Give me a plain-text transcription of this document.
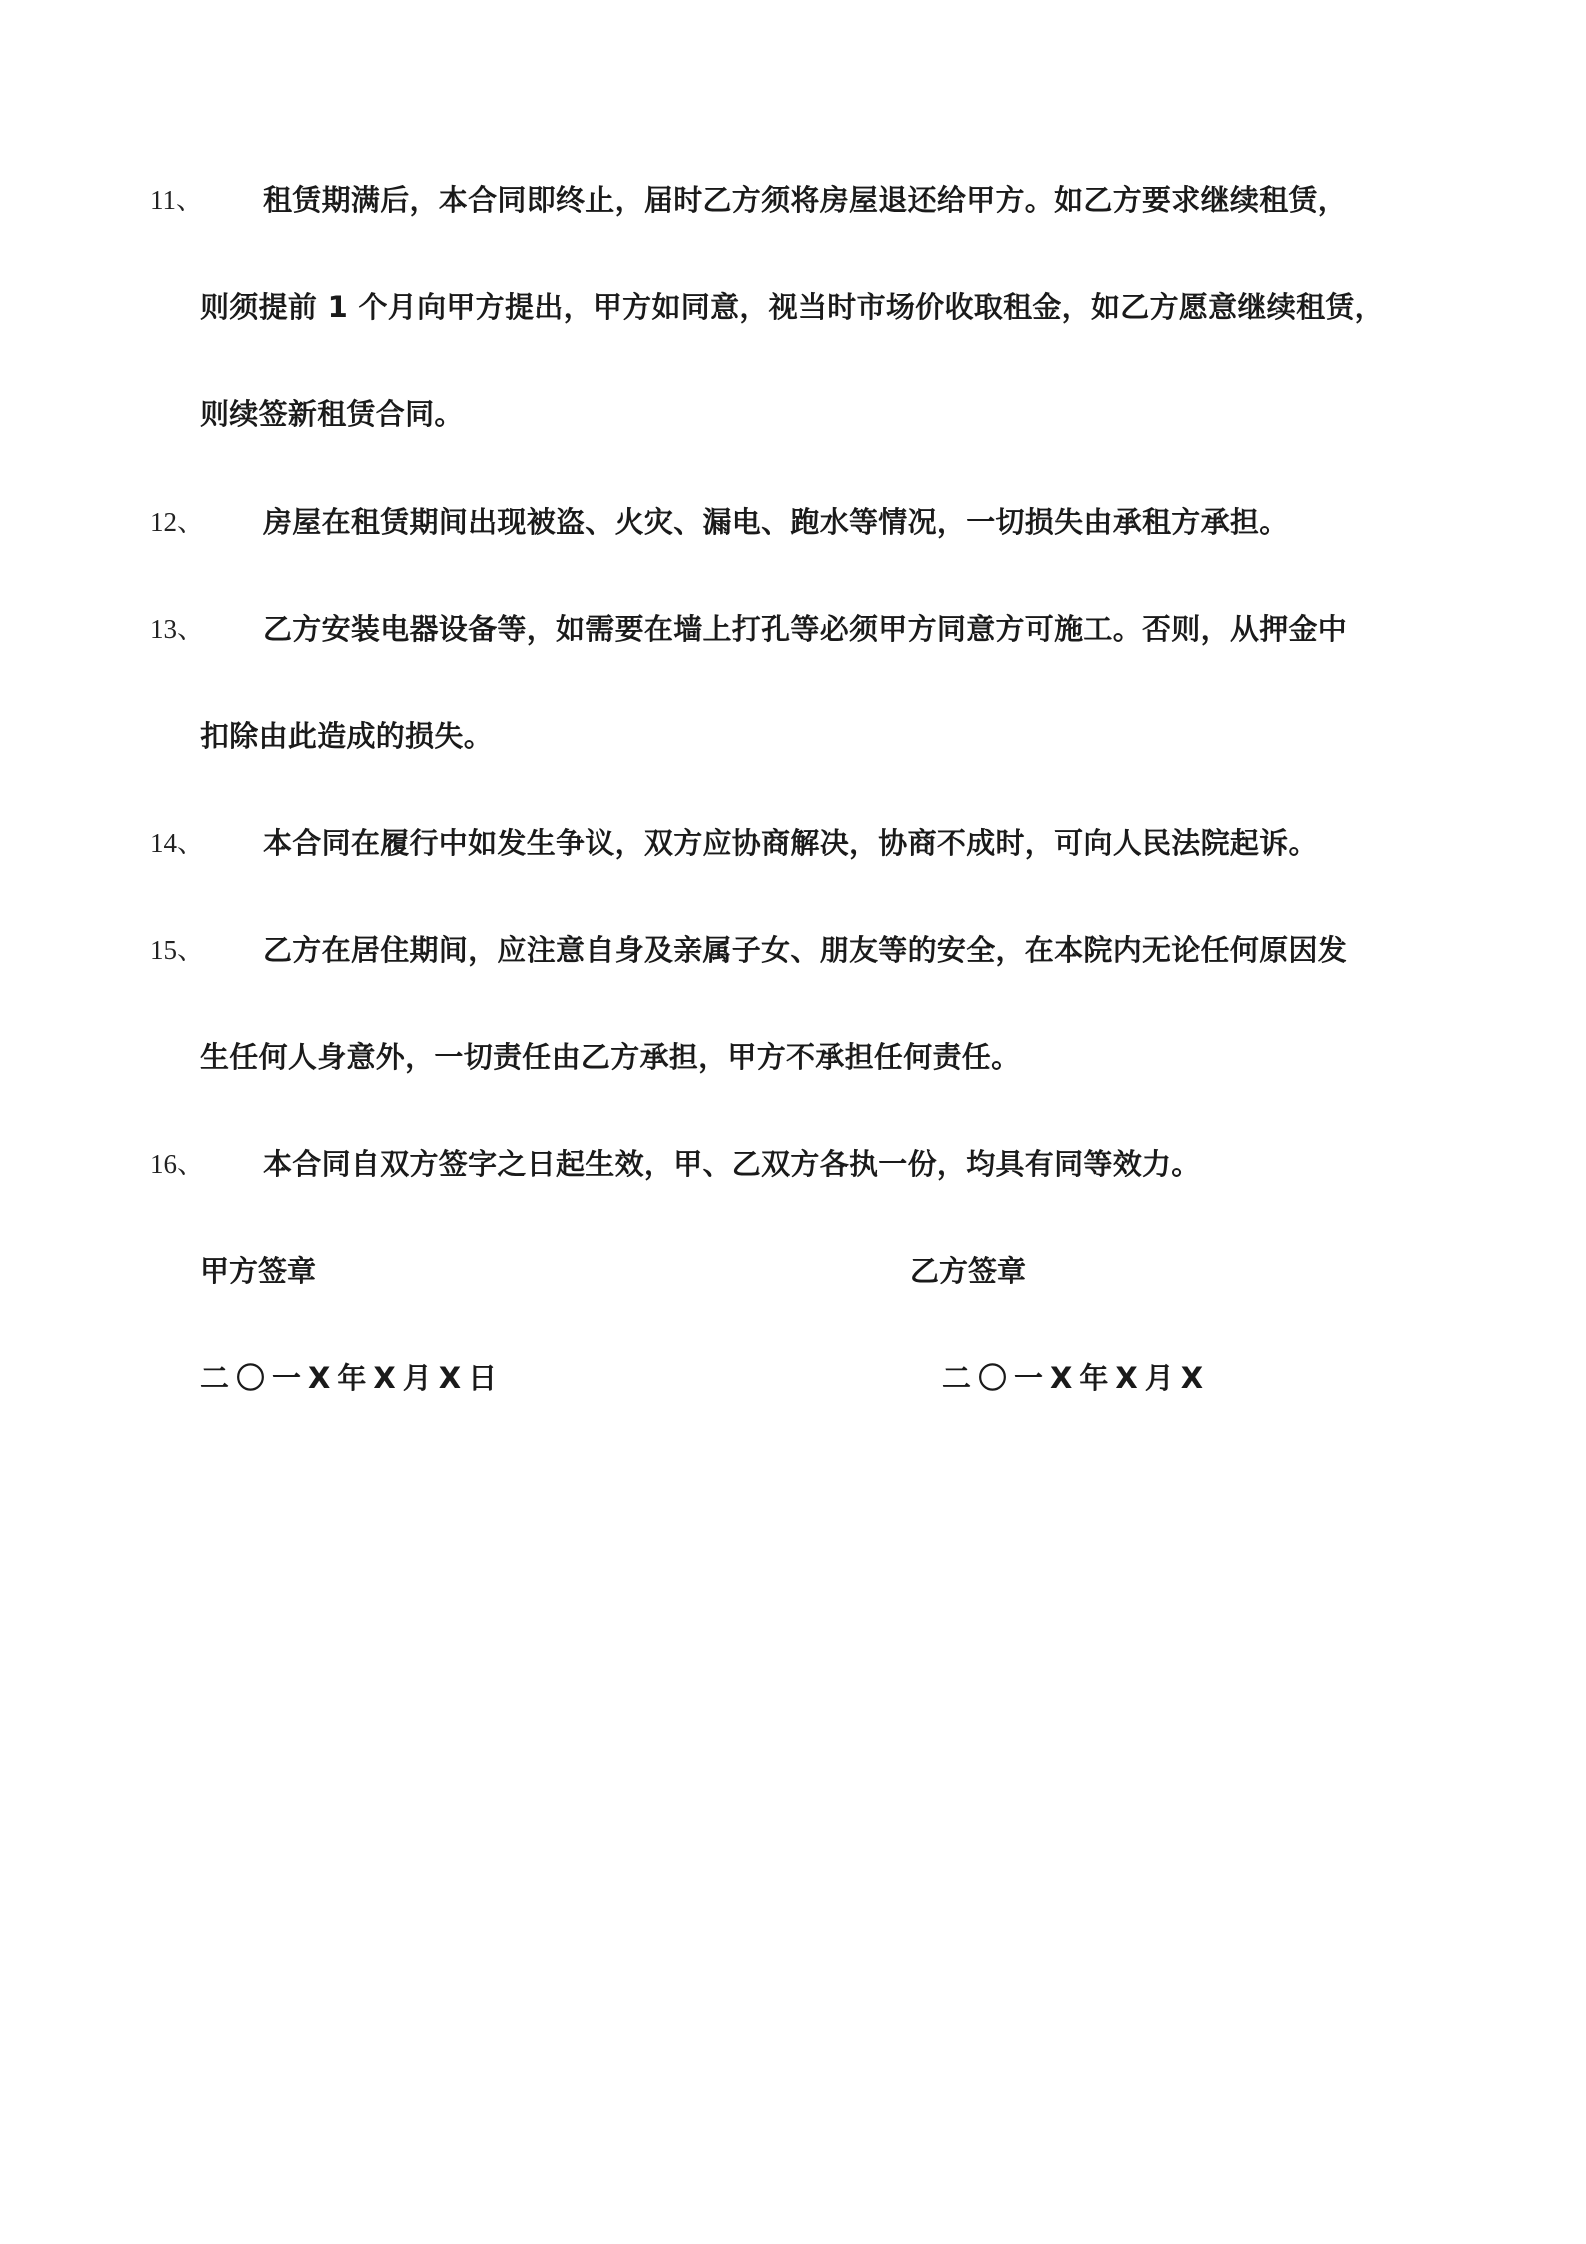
11、 租赁期满后，本合同即终止，届时乙方须将房屋退还给甲方。如乙方要求继续租赁，
则须提前 1 个月向甲方提出，甲方如同意，视当时市场价收取租金，如乙方愿意继续租赁，
则续签新租赁合同。
12、 房屋在租赁期间出现被盗、火灾、漏电、跑水等情况，一切损失由承租方承担。
13、 乙方安装电器设备等，如需要在墙上打孔等必须甲方同意方可施工。否则，从押金中
扣除由此造成的损失。
14、 本合同在履行中如发生争议，双方应协商解决，协商不成时，可向人民法院起诉。
15、 乙方在居住期间，应注意自身及亲属子女、朋友等的安全，在本院内无论任何原因发
生任何人身意外，一切责任由乙方承担，甲方不承担任何责任。
16、 本合同自双方签字之日起生效，甲、乙双方各执一份，均具有同等效力。
甲方签章	乙方签章
二〇一X年X月X日	二〇一X年X月X
